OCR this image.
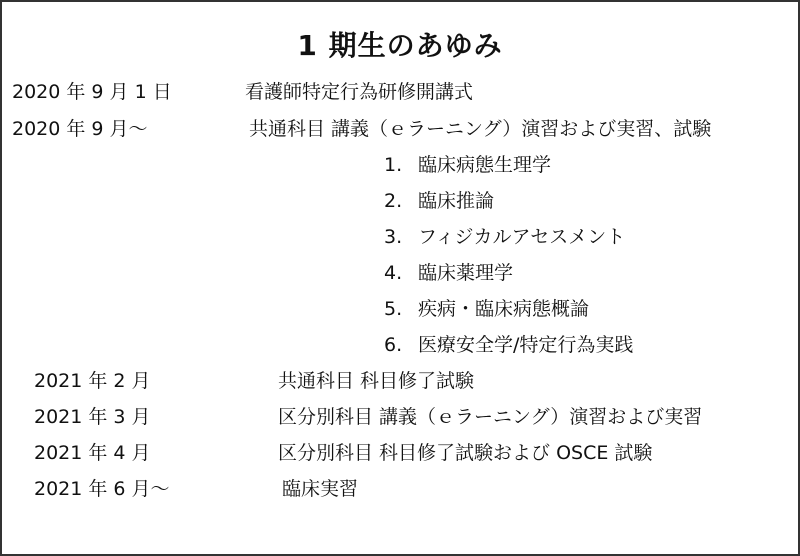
1 期生のあゆみ
2020 年 9 月 1 日	看護師特定行為研修開講式
2020 年 9 月～	共通科目 講義（ｅラーニング）演習および実習、試験
1. 臨床病態生理学
2. 臨床推論
3. フィジカルアセスメント
4. 臨床薬理学
5. 疾病・臨床病態概論
6. 医療安全学/特定行為実践
2021 年 2 月	共通科目 科目修了試験
2021 年 3 月	区分別科目 講義（ｅラーニング）演習および実習
2021 年 4 月	区分別科目 科目修了試験および OSCE 試験
2021 年 6 月～	臨床実習
